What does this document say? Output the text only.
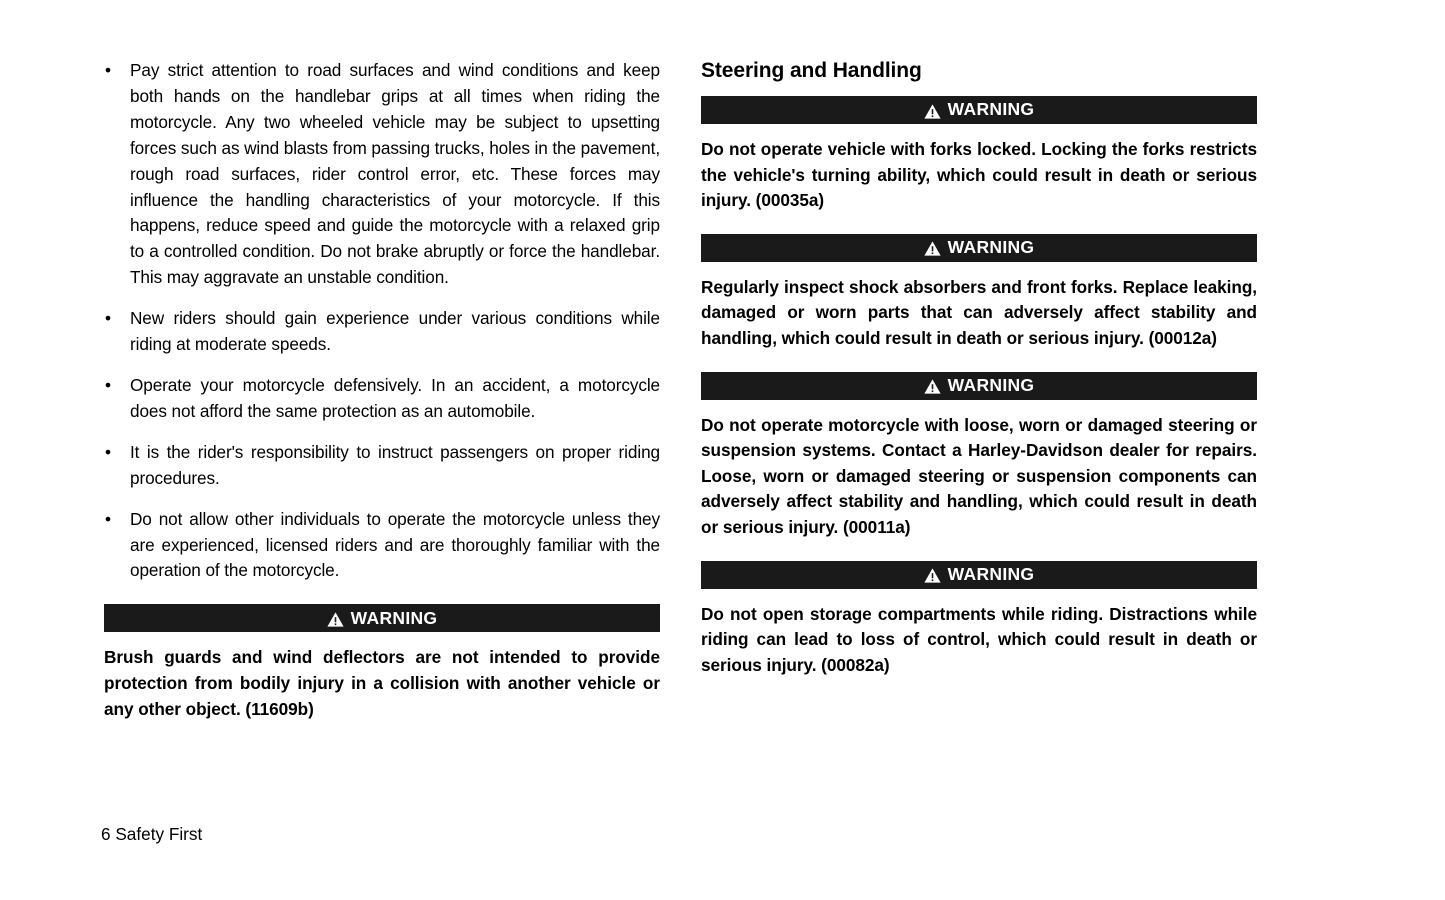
• Pay strict attention to road surfaces and wind conditions and keep both hands on the handlebar grips at all times when riding the motorcycle. Any two wheeled vehicle may be subject to upsetting forces such as wind blasts from passing trucks, holes in the pavement, rough road surfaces, rider control error, etc. These forces may influence the handling characteristics of your motorcycle. If this happens, reduce speed and guide the motorcycle with a relaxed grip to a controlled condition. Do not brake abruptly or force the handlebar. This may aggravate an unstable condition.
• New riders should gain experience under various conditions while riding at moderate speeds.
• Operate your motorcycle defensively. In an accident, a motorcycle does not afford the same protection as an automobile.
• It is the rider's responsibility to instruct passengers on proper riding procedures.
• Do not allow other individuals to operate the motorcycle unless they are experienced, licensed riders and are thoroughly familiar with the operation of the motorcycle.
WARNING
Brush guards and wind deflectors are not intended to provide protection from bodily injury in a collision with another vehicle or any other object. (11609b)
Steering and Handling
WARNING
Do not operate vehicle with forks locked. Locking the forks restricts the vehicle's turning ability, which could result in death or serious injury. (00035a)
WARNING
Regularly inspect shock absorbers and front forks. Replace leaking, damaged or worn parts that can adversely affect stability and handling, which could result in death or serious injury. (00012a)
WARNING
Do not operate motorcycle with loose, worn or damaged steering or suspension systems. Contact a Harley-Davidson dealer for repairs. Loose, worn or damaged steering or suspension components can adversely affect stability and handling, which could result in death or serious injury. (00011a)
WARNING
Do not open storage compartments while riding. Distractions while riding can lead to loss of control, which could result in death or serious injury. (00082a)
6 Safety First
